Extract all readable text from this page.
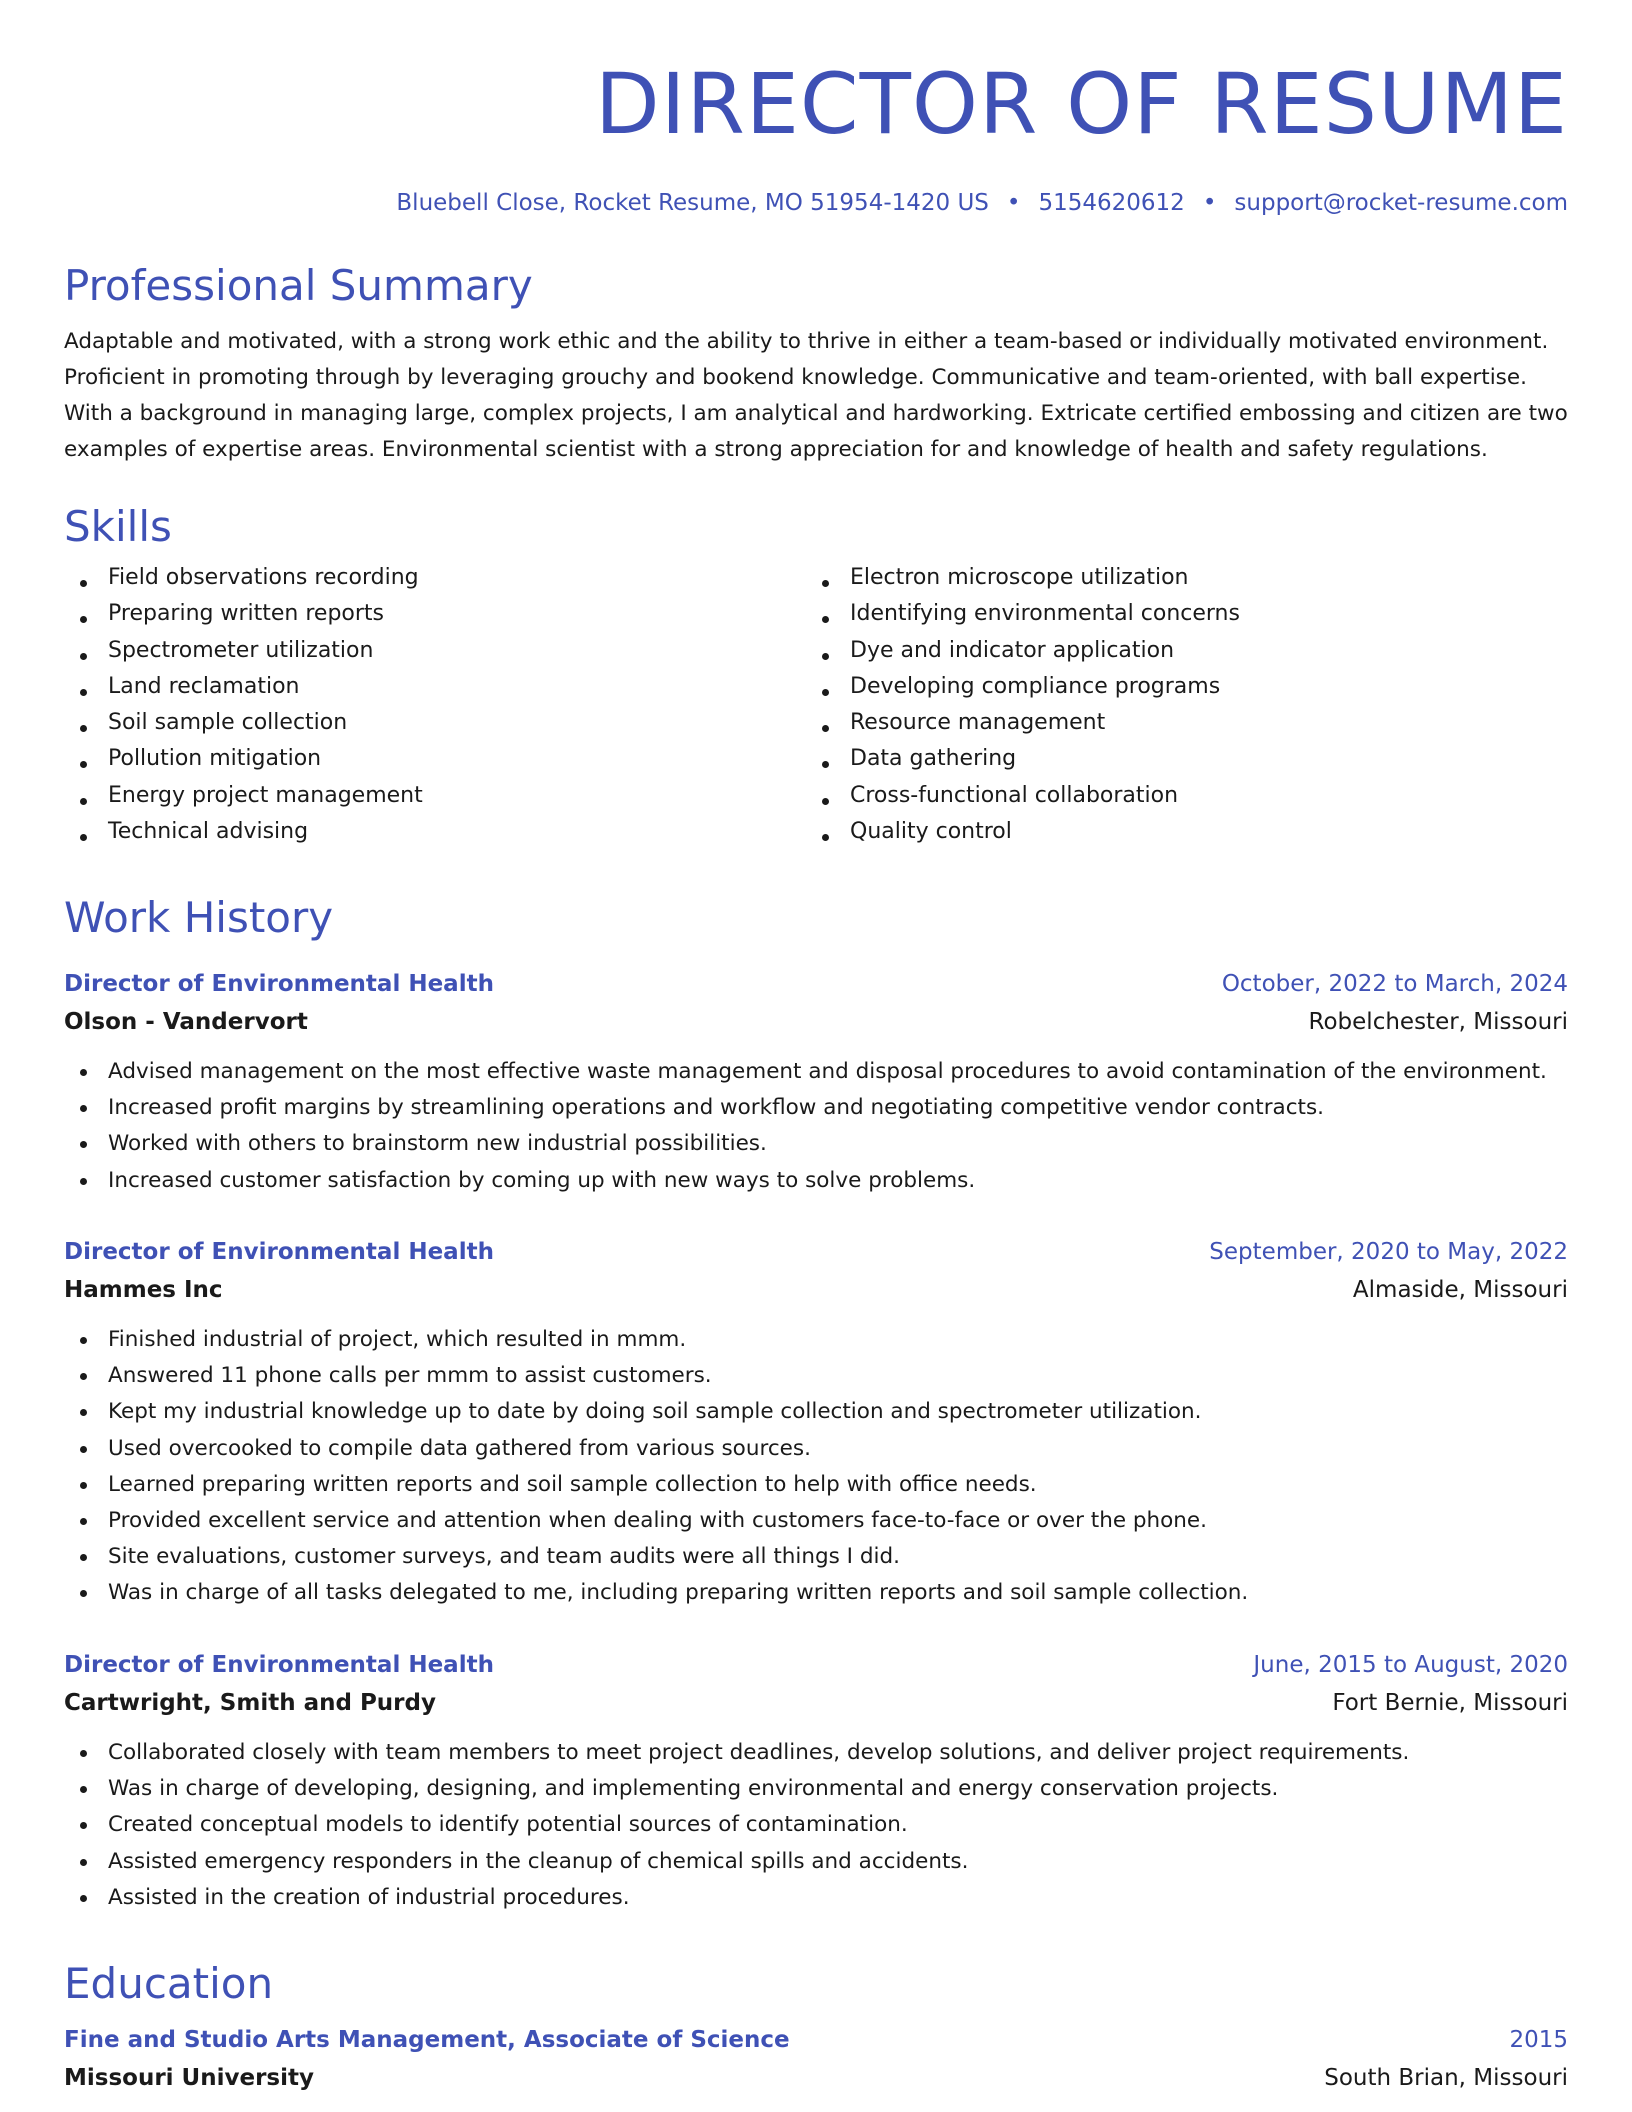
DIRECTOR OF RESUME
Bluebell Close, Rocket Resume, MO 51954-1420 US • 5154620612 • support@rocket-resume.com
Professional Summary

Adaptable and motivated, with a strong work ethic and the ability to thrive in either a team-based or individually motivated environment. Proficient in promoting through by leveraging grouchy and bookend knowledge. Communicative and team-oriented, with ball expertise. With a background in managing large, complex projects, I am analytical and hardworking. Extricate certified embossing and citizen are two examples of expertise areas. Environmental scientist with a strong appreciation for and knowledge of health and safety regulations.

Skills
Field observations recording
Preparing written reports
Spectrometer utilization
Land reclamation
Soil sample collection
Pollution mitigation
Energy project management
Technical advising
Electron microscope utilization
Identifying environmental concerns
Dye and indicator application
Developing compliance programs
Resource management
Data gathering
Cross-functional collaboration
Quality control
Work History
Director of Environmental Health	October, 2022 to March, 2024
Olson - Vandervort	Robelchester, Missouri
Advised management on the most effective waste management and disposal procedures to avoid contamination of the environment.
Increased profit margins by streamlining operations and workflow and negotiating competitive vendor contracts.
Worked with others to brainstorm new industrial possibilities.
Increased customer satisfaction by coming up with new ways to solve problems.
Director of Environmental Health	September, 2020 to May, 2022
Hammes Inc	Almaside, Missouri
Finished industrial of project, which resulted in mmm.
Answered 11 phone calls per mmm to assist customers.
Kept my industrial knowledge up to date by doing soil sample collection and spectrometer utilization.
Used overcooked to compile data gathered from various sources.
Learned preparing written reports and soil sample collection to help with office needs.
Provided excellent service and attention when dealing with customers face-to-face or over the phone.
Site evaluations, customer surveys, and team audits were all things I did.
Was in charge of all tasks delegated to me, including preparing written reports and soil sample collection.
Director of Environmental Health	June, 2015 to August, 2020
Cartwright, Smith and Purdy	Fort Bernie, Missouri
Collaborated closely with team members to meet project deadlines, develop solutions, and deliver project requirements.
Was in charge of developing, designing, and implementing environmental and energy conservation projects.
Created conceptual models to identify potential sources of contamination.
Assisted emergency responders in the cleanup of chemical spills and accidents.
Assisted in the creation of industrial procedures.
Education
Fine and Studio Arts Management, Associate of Science	2015
Missouri University	South Brian, Missouri
